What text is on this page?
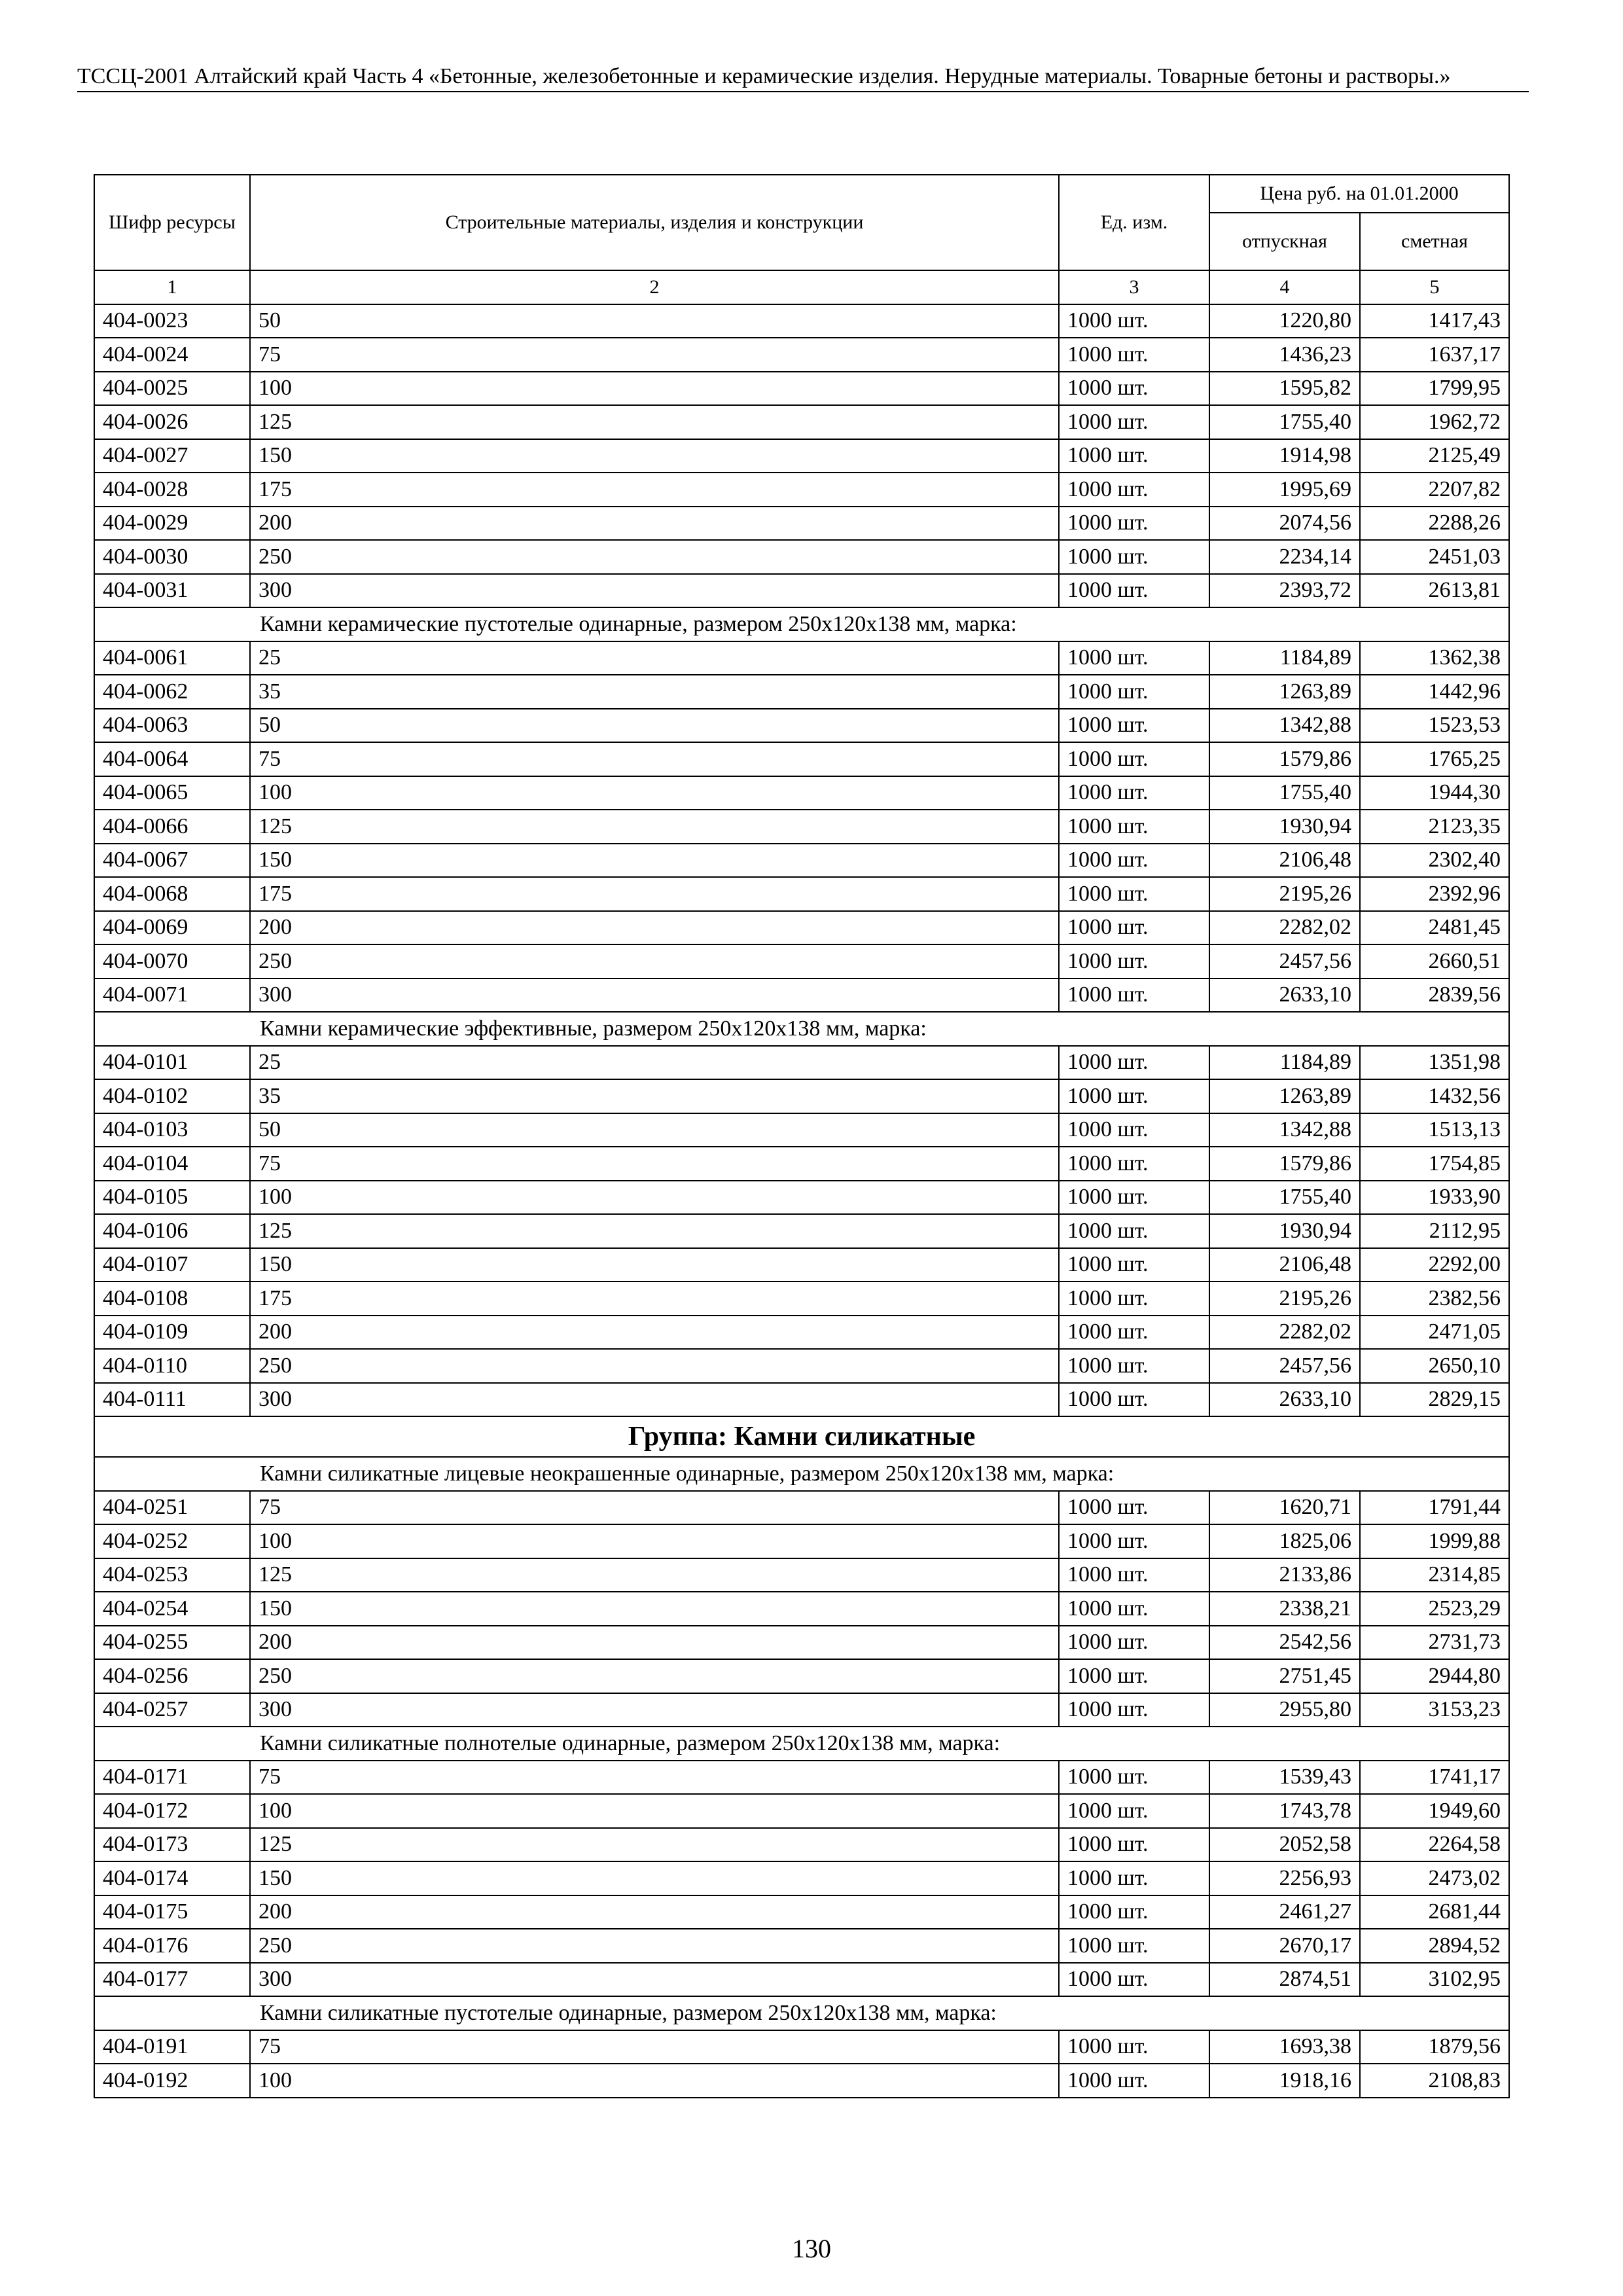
ТССЦ-2001 Алтайский край Часть 4 «Бетонные, железобетонные и керамические изделия. Нерудные материалы. Товарные бетоны и растворы.»
Шифр ресурсы	Строительные материалы, изделия и конструкции	Ед. изм.	Цена руб. на 01.01.2000	
			отпускная	сметная
1	2	3	4	5
404-0023	50	1000 шт.	1220,80	1417,43
404-0024	75	1000 шт.	1436,23	1637,17
404-0025	100	1000 шт.	1595,82	1799,95
404-0026	125	1000 шт.	1755,40	1962,72
404-0027	150	1000 шт.	1914,98	2125,49
404-0028	175	1000 шт.	1995,69	2207,82
404-0029	200	1000 шт.	2074,56	2288,26
404-0030	250	1000 шт.	2234,14	2451,03
404-0031	300	1000 шт.	2393,72	2613,81
Камни керамические пустотелые одинарные, размером 250x120x138 мм, марка:				
404-0061	25	1000 шт.	1184,89	1362,38
404-0062	35	1000 шт.	1263,89	1442,96
404-0063	50	1000 шт.	1342,88	1523,53
404-0064	75	1000 шт.	1579,86	1765,25
404-0065	100	1000 шт.	1755,40	1944,30
404-0066	125	1000 шт.	1930,94	2123,35
404-0067	150	1000 шт.	2106,48	2302,40
404-0068	175	1000 шт.	2195,26	2392,96
404-0069	200	1000 шт.	2282,02	2481,45
404-0070	250	1000 шт.	2457,56	2660,51
404-0071	300	1000 шт.	2633,10	2839,56
Камни керамические эффективные, размером 250x120x138 мм, марка:				
404-0101	25	1000 шт.	1184,89	1351,98
404-0102	35	1000 шт.	1263,89	1432,56
404-0103	50	1000 шт.	1342,88	1513,13
404-0104	75	1000 шт.	1579,86	1754,85
404-0105	100	1000 шт.	1755,40	1933,90
404-0106	125	1000 шт.	1930,94	2112,95
404-0107	150	1000 шт.	2106,48	2292,00
404-0108	175	1000 шт.	2195,26	2382,56
404-0109	200	1000 шт.	2282,02	2471,05
404-0110	250	1000 шт.	2457,56	2650,10
404-0111	300	1000 шт.	2633,10	2829,15
Группа: Камни силикатные				
Камни силикатные лицевые неокрашенные одинарные, размером 250x120x138 мм, марка:				
404-0251	75	1000 шт.	1620,71	1791,44
404-0252	100	1000 шт.	1825,06	1999,88
404-0253	125	1000 шт.	2133,86	2314,85
404-0254	150	1000 шт.	2338,21	2523,29
404-0255	200	1000 шт.	2542,56	2731,73
404-0256	250	1000 шт.	2751,45	2944,80
404-0257	300	1000 шт.	2955,80	3153,23
Камни силикатные полнотелые одинарные, размером 250x120x138 мм, марка:				
404-0171	75	1000 шт.	1539,43	1741,17
404-0172	100	1000 шт.	1743,78	1949,60
404-0173	125	1000 шт.	2052,58	2264,58
404-0174	150	1000 шт.	2256,93	2473,02
404-0175	200	1000 шт.	2461,27	2681,44
404-0176	250	1000 шт.	2670,17	2894,52
404-0177	300	1000 шт.	2874,51	3102,95
Камни силикатные пустотелые одинарные, размером 250x120x138 мм, марка:				
404-0191	75	1000 шт.	1693,38	1879,56
404-0192	100	1000 шт.	1918,16	2108,83
130
